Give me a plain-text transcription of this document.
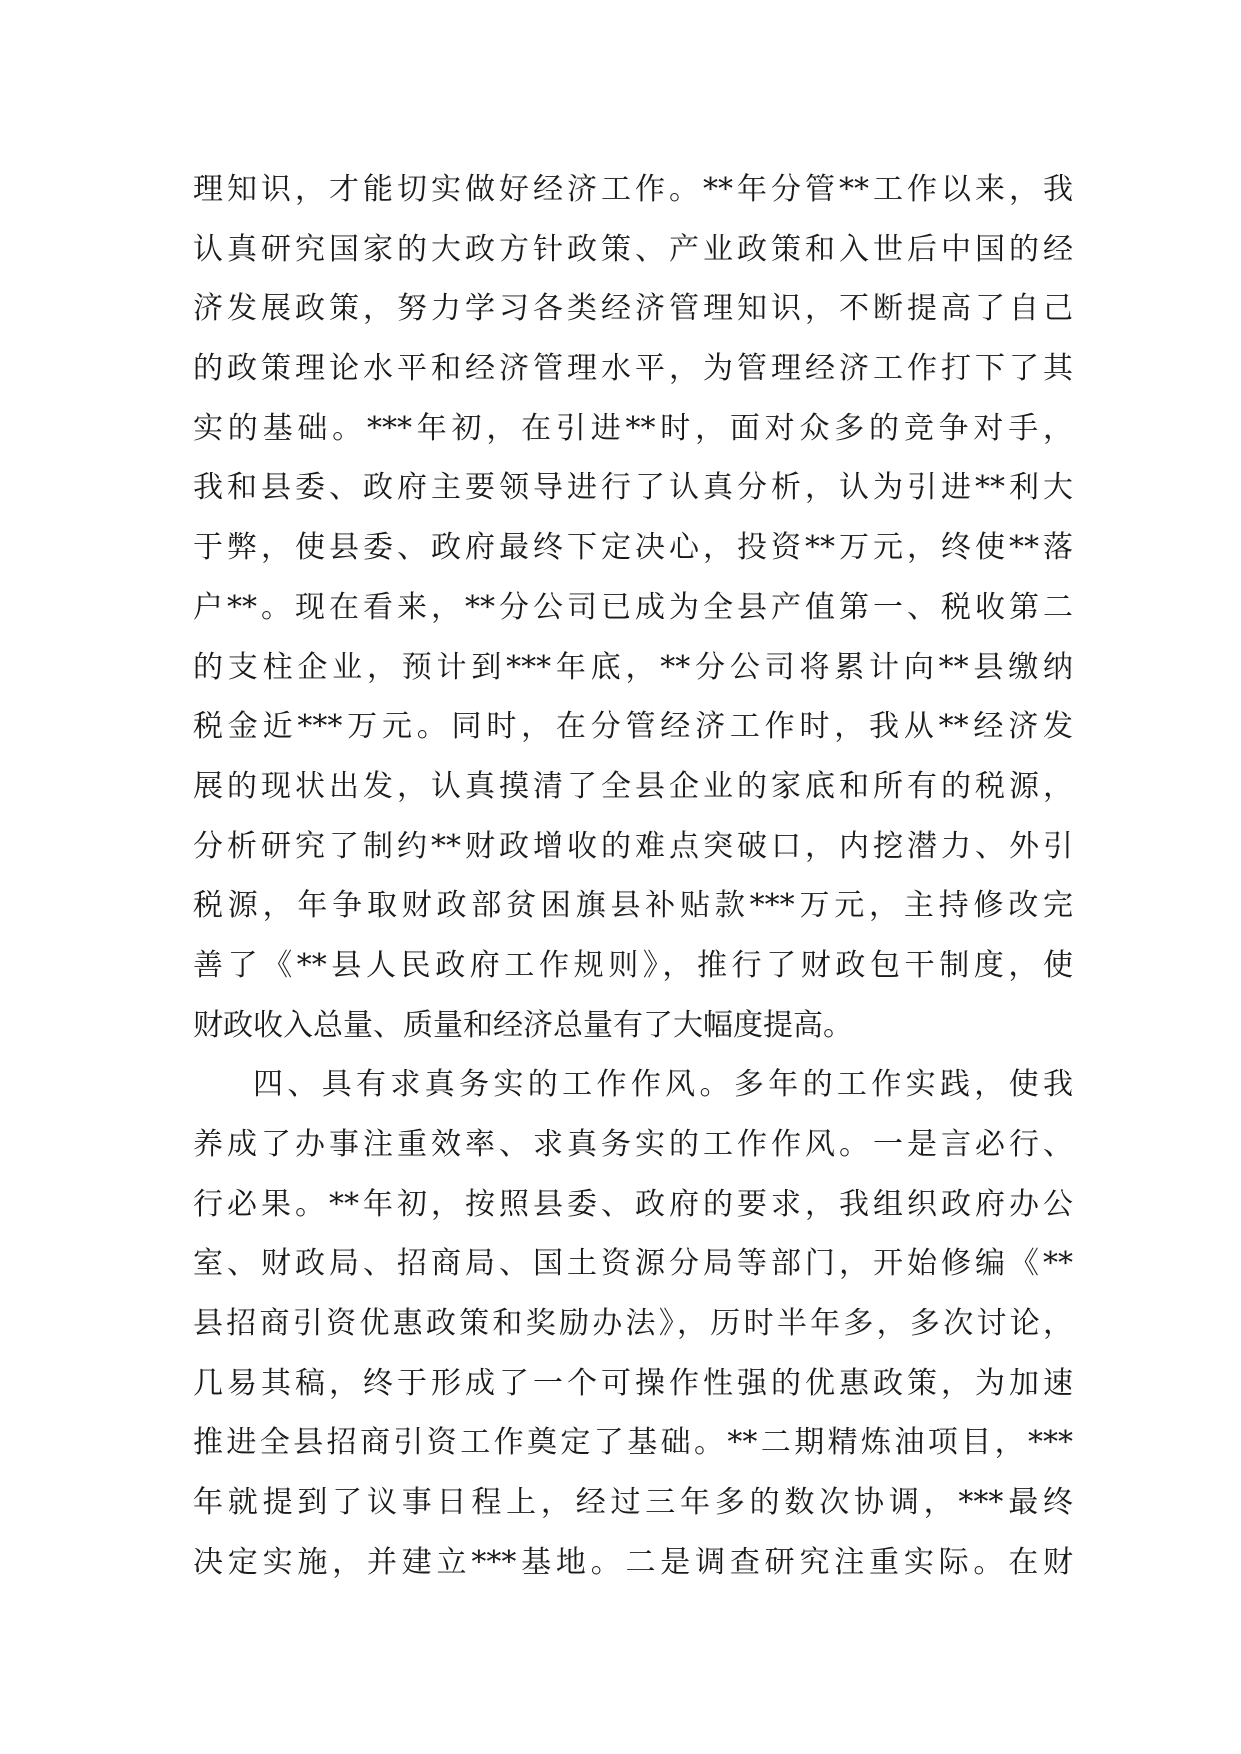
理知识，才能切实做好经济工作。**年分管**工作以来，我
认真研究国家的大政方针政策、产业政策和入世后中国的经
济发展政策，努力学习各类经济管理知识，不断提高了自己
的政策理论水平和经济管理水平，为管理经济工作打下了其
实的基础。***年初，在引进**时，面对众多的竞争对手，
我和县委、政府主要领导进行了认真分析，认为引进**利大
于弊，使县委、政府最终下定决心，投资**万元，终使**落
户**。现在看来，**分公司已成为全县产值第一、税收第二
的支柱企业，预计到***年底，**分公司将累计向**县缴纳
税金近***万元。同时，在分管经济工作时，我从**经济发
展的现状出发，认真摸清了全县企业的家底和所有的税源，
分析研究了制约**财政增收的难点突破口，内挖潜力、外引
税源，年争取财政部贫困旗县补贴款***万元，主持修改完
善了《**县人民政府工作规则》，推行了财政包干制度，使
财政收入总量、质量和经济总量有了大幅度提高。
四、具有求真务实的工作作风。多年的工作实践，使我
养成了办事注重效率、求真务实的工作作风。一是言必行、
行必果。**年初，按照县委、政府的要求，我组织政府办公
室、财政局、招商局、国土资源分局等部门，开始修编《**
县招商引资优惠政策和奖励办法》，历时半年多，多次讨论，
几易其稿，终于形成了一个可操作性强的优惠政策，为加速
推进全县招商引资工作奠定了基础。**二期精炼油项目，***
年就提到了议事日程上，经过三年多的数次协调，***最终
决定实施，并建立***基地。二是调查研究注重实际。在财
